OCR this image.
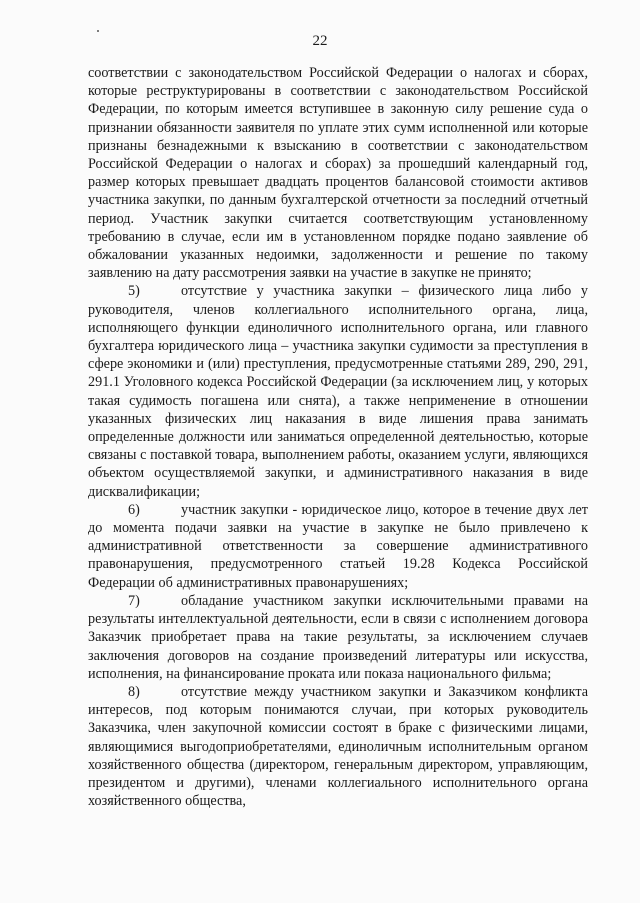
22

соответствии с законодательством Российской Федерации о налогах и сборах, которые реструктурированы в соответствии с законодательством Российской Федерации, по которым имеется вступившее в законную силу решение суда о признании обязанности заявителя по уплате этих сумм исполненной или которые признаны безнадежными к взысканию в соответствии с законодательством Российской Федерации о налогах и сборах) за прошедший календарный год, размер которых превышает двадцать процентов балансовой стоимости активов участника закупки, по данным бухгалтерской отчетности за последний отчетный период. Участник закупки считается соответствующим установленному требованию в случае, если им в установленном порядке подано заявление об обжаловании указанных недоимки, задолженности и решение по такому заявлению на дату рассмотрения заявки на участие в закупке не принято;

5)	отсутствие у участника закупки – физического лица либо у руководителя, членов коллегиального исполнительного органа, лица, исполняющего функции единоличного исполнительного органа, или главного бухгалтера юридического лица – участника закупки судимости за преступления в сфере экономики и (или) преступления, предусмотренные статьями 289, 290, 291, 291.1 Уголовного кодекса Российской Федерации (за исключением лиц, у которых такая судимость погашена или снята), а также неприменение в отношении указанных физических лиц наказания в виде лишения права занимать определенные должности или заниматься определенной деятельностью, которые связаны с поставкой товара, выполнением работы, оказанием услуги, являющихся объектом осуществляемой закупки, и административного наказания в виде дисквалификации;

6)	участник закупки - юридическое лицо, которое в течение двух лет до момента подачи заявки на участие в закупке не было привлечено к административной ответственности за совершение административного правонарушения, предусмотренного статьей 19.28 Кодекса Российской Федерации об административных правонарушениях;

7)	обладание участником закупки исключительными правами на результаты интеллектуальной деятельности, если в связи с исполнением договора Заказчик приобретает права на такие результаты, за исключением случаев заключения договоров на создание произведений литературы или искусства, исполнения, на финансирование проката или показа национального фильма;

8)	отсутствие между участником закупки и Заказчиком конфликта интересов, под которым понимаются случаи, при которых руководитель Заказчика, член закупочной комиссии состоят в браке с физическими лицами, являющимися выгодоприобретателями, единоличным исполнительным органом хозяйственного общества (директором, генеральным директором, управляющим, президентом и другими), членами коллегиального исполнительного органа хозяйственного общества,
